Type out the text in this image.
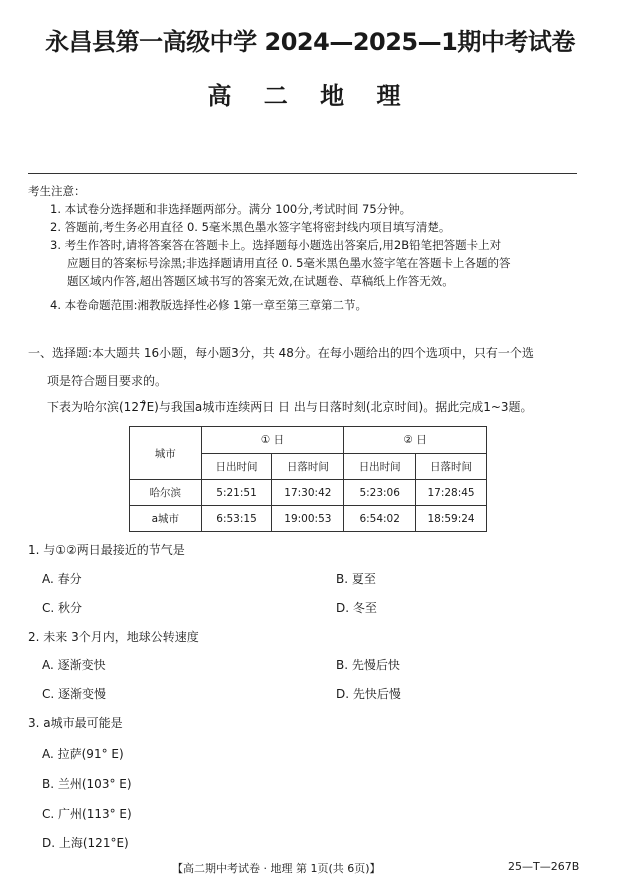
永昌县第一高级中学 2024—2025—1期中考试卷
高 二 地 理
考生注意：
1. 本试卷分选择题和非选择题两部分。满分 100分,考试时间 75分钟。
2. 答题前,考生务必用直径 0. 5毫米黑色墨水签字笔将密封线内项目填写清楚。
3. 考生作答时,请将答案答在答题卡上。选择题每小题选出答案后,用2B铅笔把答题卡上对
应题目的答案标号涂黑;非选择题请用直径 0. 5毫米黑色墨水签字笔在答题卡上各题的答
题区域内作答,超出答题区域书写的答案无效,在试题卷、草稿纸上作答无效。
4. 本卷命题范围:湘教版选择性必修 1第一章至第三章第二节。
一、选择题:本大题共 16小题，每小题3分，共 48分。在每小题给出的四个选项中，只有一个选
项是符合题目要求的。
下表为哈尔滨(127̊E)与我国a城市连续两日 日 出与日落时刻(北京时间)。据此完成1~3题。
城市	① 日		② 日	
	日出时间	日落时间	日出时间	日落时间
哈尔滨	5:21:51	17:30:42	5:23:06	17:28:45
a城市	6:53:15	19:00:53	6:54:02	18:59:24
1. 与①②两日最接近的节气是
A. 春分	B. 夏至
C. 秋分	D. 冬至
2. 未来 3个月内，地球公转速度
A. 逐渐变快	B. 先慢后快
C. 逐渐变慢	D. 先快后慢
3. a城市最可能是
A. 拉萨(91° E)
B. 兰州(103° E)
C. 广州(113° E)
D. 上海(121°E)
【高二期中考试卷 · 地理 第 1页(共 6页)】	25—T—267B
